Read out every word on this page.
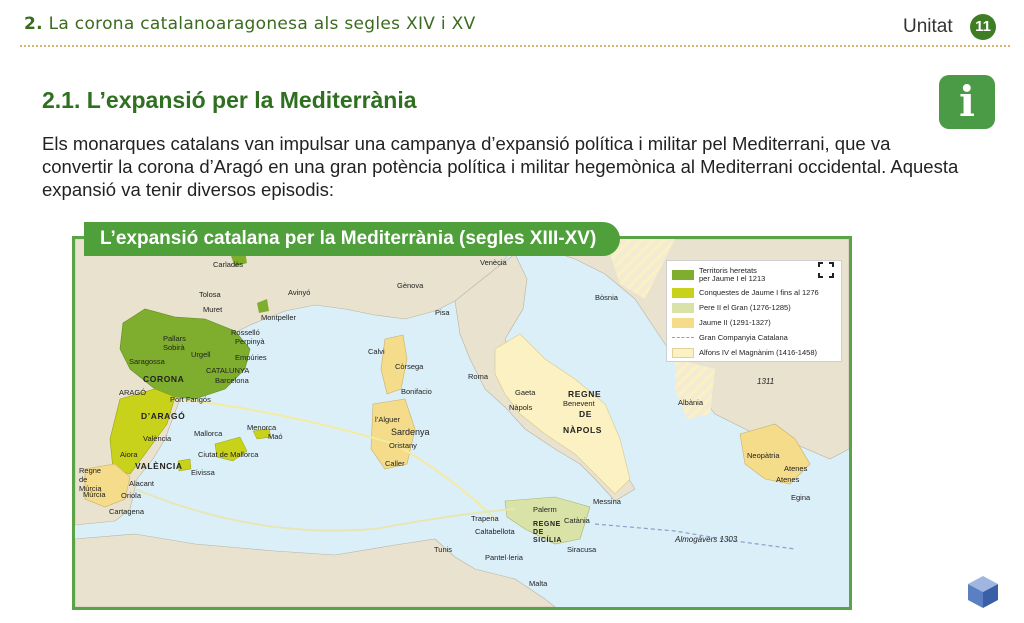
2. La corona catalanoaragonesa als segles XIV i XV	Unitat	11
2.1. L’expansió per la Mediterrània	i

Els monarques catalans van impulsar una campanya d’expansió política i militar pel Mediterrani, que va convertir la corona d’Aragó en una gran potència política i militar hegemònica al Mediterrani occidental. Aquesta expansió va tenir diversos episodis:

Carladès
Tolosa	Avinyó
Muret
Montpeller
Rosselló
Perpinyà
Pallars Sobirà
Urgell	Empúries
Saragossa
CORONA
CATALUNYA
Barcelona
ARAGÓ
Port Fangós
D’ARAGÓ
València
Mallorca
Menorca
Maó
Ciutat de Mallorca
Eivissa
Aiora
VALÈNCIA
Regne de Múrcia
Alacant
Múrcia Oriola
Cartagena
Gènova
Pisa
Calvi
Còrsega
Bonifacio
l’Alguer
Sardenya
Oristany
Caller
Venècia
Bòsnia
Roma
Gaeta
Nàpols
REGNE
Benevent
DE
NÀPOLS
Albània
1311
Neopàtria
Atenes
Atenes
Egina
Messina
Palerm
Trapena	Catània
Caltabellota
REGNE DE SICÍLIA
Siracusa
Tunis
Pantel·leria
Malta
Almogàvers 1303
L’expansió catalana per la Mediterrània (segles XIII-XV)
Territoris heretats per Jaume I el 1213
Conquestes de Jaume I fins al 1276
Pere II el Gran (1276-1285)
Jaume II (1291-1327)
Gran Companyia Catalana
Alfons IV el Magnànim (1416-1458)
